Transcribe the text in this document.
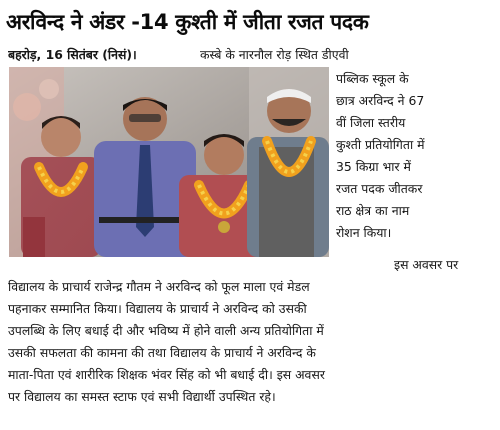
अरविन्द ने अंडर -14 कुश्ती में जीता रजत पदक
बहरोड़, 16 सितंबर (निसं)।	कस्बे के नारनौल रोड़ स्थित डीएवी
पब्लिक स्कूल के
छात्र अरविन्द ने 67
वीं जिला स्तरीय
कुश्ती प्रतियोगिता में
35 किग्रा भार में
रजत पदक जीतकर
राठ क्षेत्र का नाम
रोशन किया।
इस अवसर पर
विद्यालय के प्राचार्य राजेन्द्र गौतम ने अरविन्द को फूल माला एवं मेडल
पहनाकर सम्मानित किया। विद्यालय के प्राचार्य ने अरविन्द को उसकी
उपलब्धि के लिए बधाई दी और भविष्य में होने वाली अन्य प्रतियोगिता में
उसकी सफलता की कामना की तथा विद्यालय के प्राचार्य ने अरविन्द के
माता-पिता एवं शारीरिक शिक्षक भंवर सिंह को भी बधाई दी। इस अवसर
पर विद्यालय का समस्त स्टाफ एवं सभी विद्यार्थी उपस्थित रहे।
